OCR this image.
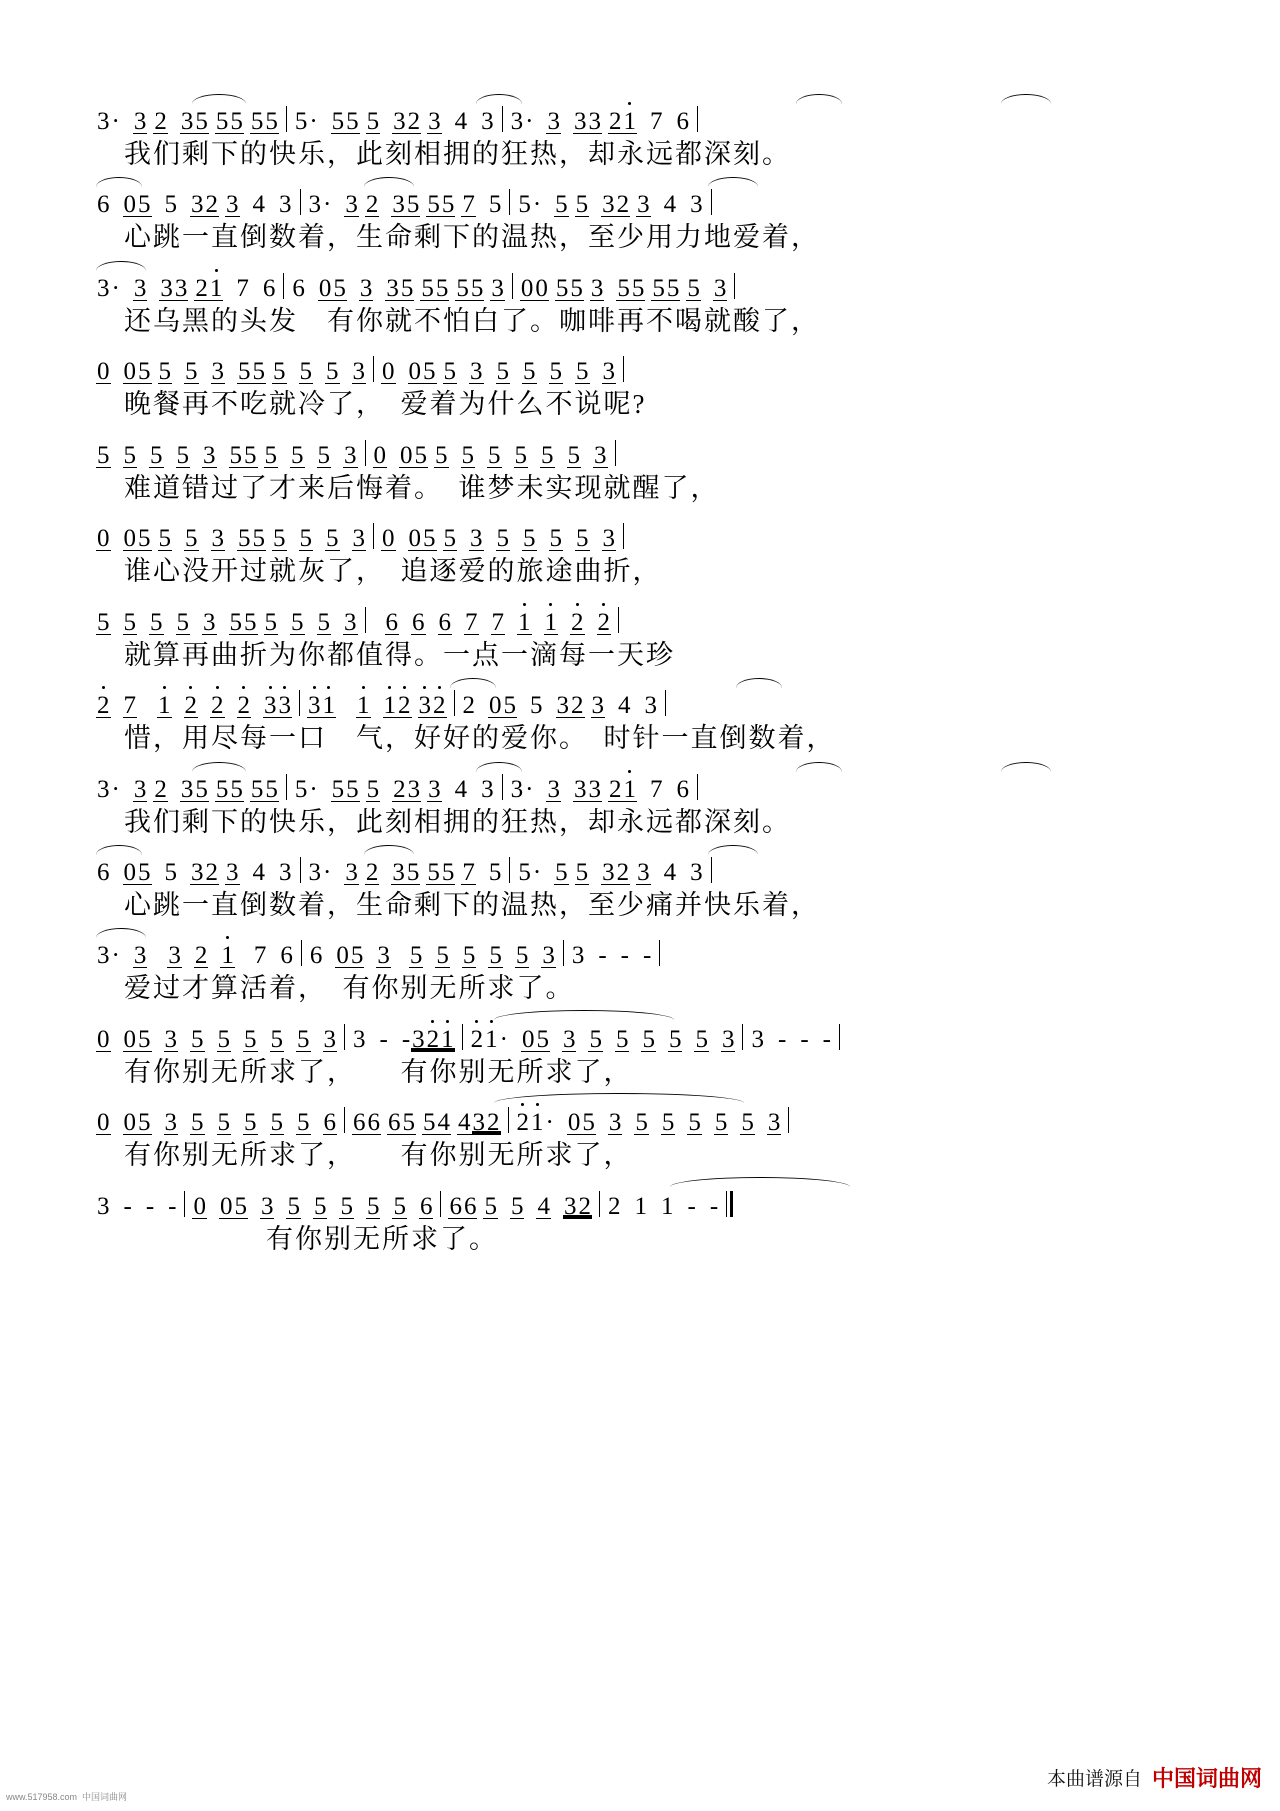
3 · 3 2 3 5 5 5 5 5 5 · 5 5 5 3 2 3 4 3 3 · 3 3 3 2 1 7 6
我们剩下的快乐，此刻相拥的狂热，却永远都深刻。
6 0 5 5 3 2 3 4 3 3 · 3 2 3 5 5 5 7 5 5 · 5 5 3 2 3 4 3
心跳一直倒数着，生命剩下的温热，至少用力地爱着，
3 · 3 3 3 2 1 7 6 6 0 5 3 3 5 5 5 5 5 3 0 0 5 5 3 5 5 5 5 5 3
还乌黑的头发　有你就不怕白了。咖啡再不喝就酸了，
0 0 5 5 5 3 5 5 5 5 5 3 0 0 5 5 3 5 5 5 5 3
晚餐再不吃就冷了，　爱着为什么不说呢?
5 5 5 5 3 5 5 5 5 5 3 0 0 5 5 5 5 5 5 5 3
难道错过了才来后悔着。　谁梦未实现就醒了，
0 0 5 5 5 3 5 5 5 5 5 3 0 0 5 5 3 5 5 5 5 3
谁心没开过就灰了，　追逐爱的旅途曲折，
5 5 5 5 3 5 5 5 5 5 3 6 6 6 7 7 1 1 2 2
就算再曲折为你都值得。一点一滴每一天珍
2 7 1 2 2 2 3 3 3 1 1 1 2 3 2 2 0 5 5 3 2 3 4 3
惜，用尽每一口　气，好好的爱你。　时针一直倒数着，
3 · 3 2 3 5 5 5 5 5 5 · 5 5 5 2 3 3 4 3 3 · 3 3 3 2 1 7 6
我们剩下的快乐，此刻相拥的狂热，却永远都深刻。
6 0 5 5 3 2 3 4 3 3 · 3 2 3 5 5 5 7 5 5 · 5 5 3 2 3 4 3
心跳一直倒数着，生命剩下的温热，至少痛并快乐着，
3 · 3 3 2 1 7 6 6 0 5 3 5 5 5 5 5 3 3 - - -
爱过才算活着，　有你别无所求了。
0 0 5 3 5 5 5 5 5 3 3 - - 3 2 1 2 1 · 0 5 3 5 5 5 5 5 3 3 - - -
有你别无所求了，　　有你别无所求了，
0 0 5 3 5 5 5 5 5 6 6 6 6 5 5 4 4 3 2 2 1 · 0 5 3 5 5 5 5 5 3
有你别无所求了，　　有你别无所求了，
3 - - - 0 0 5 3 5 5 5 5 5 6 6 6 5 5 4 3 2 2 1 1 - -
有你别无所求了。
www.517958.com  中国词曲网
本曲谱源自 中国词曲网
